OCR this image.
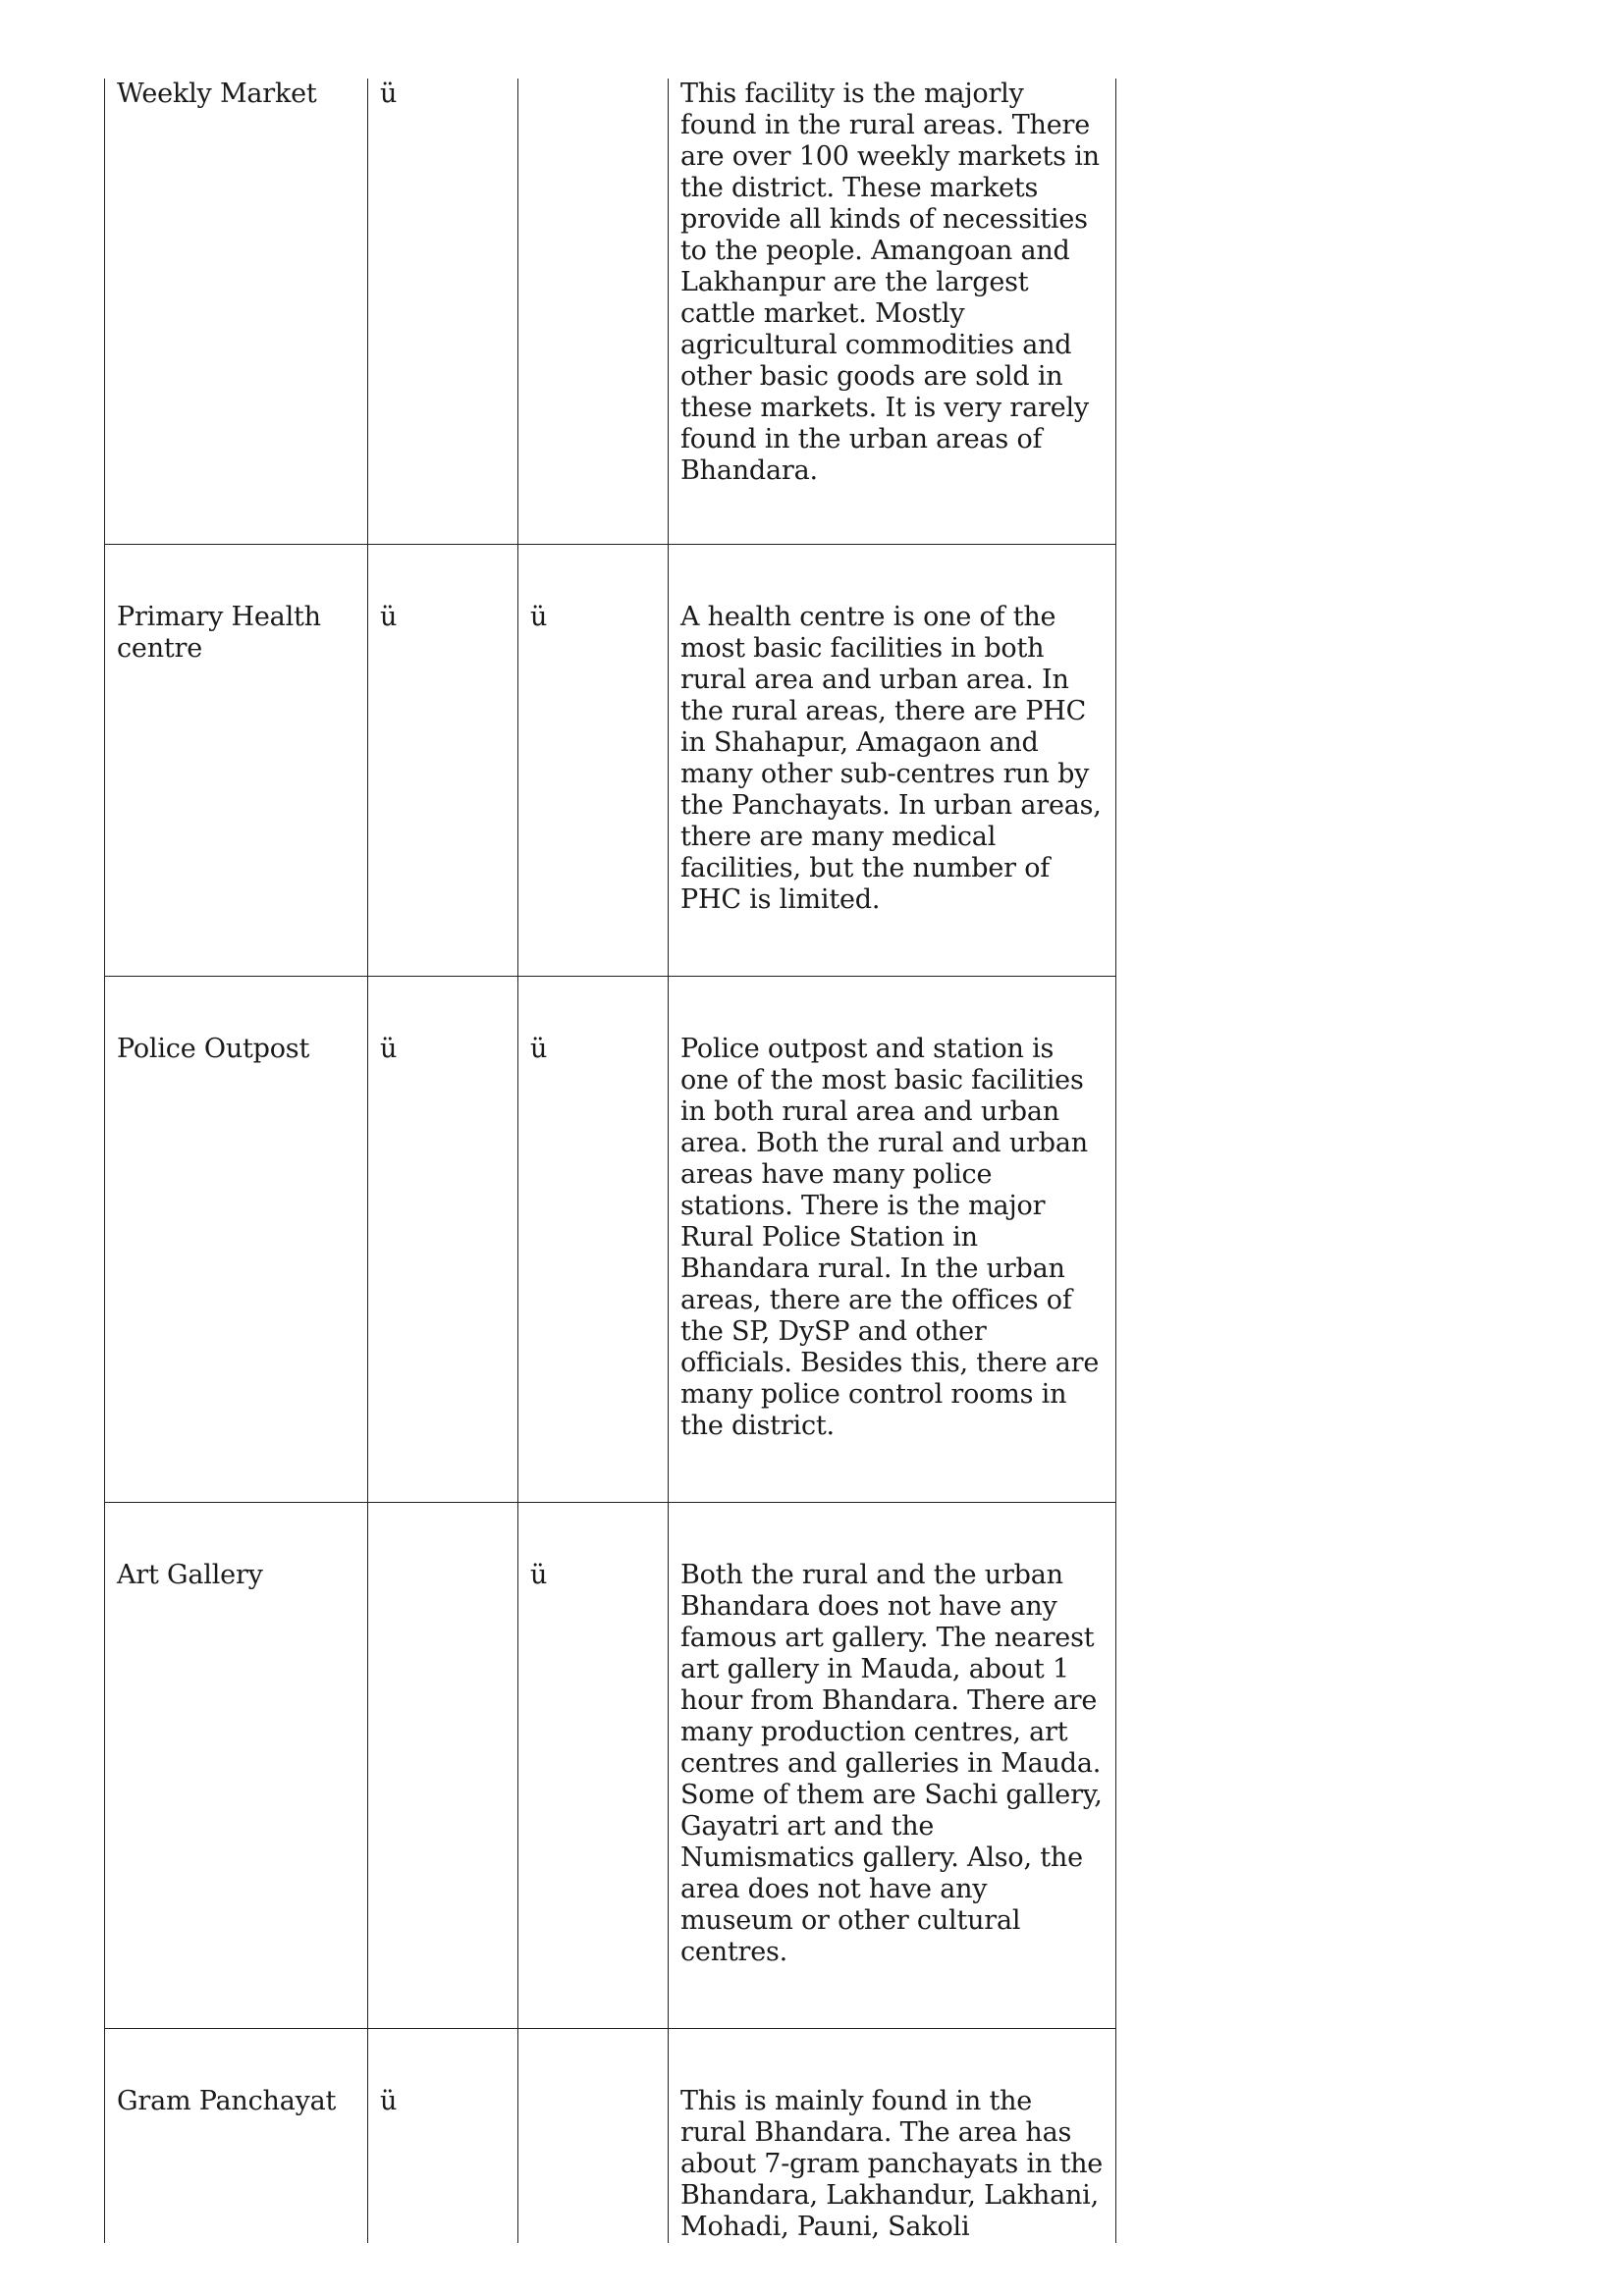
Weekly Market	ü		This facility is the majorly found in the rural areas. There are over 100 weekly markets in the district. These markets provide all kinds of necessities to the people. Amangoan and Lakhanpur are the largest cattle market. Mostly agricultural commodities and other basic goods are sold in these markets. It is very rarely found in the urban areas of Bhandara.

Primary Health centre	ü	ü	A health centre is one of the most basic facilities in both rural area and urban area. In the rural areas, there are PHC in Shahapur, Amagaon and many other sub-centres run by the Panchayats. In urban areas, there are many medical facilities, but the number of PHC is limited.

Police Outpost	ü	ü	Police outpost and station is one of the most basic facilities in both rural area and urban area. Both the rural and urban areas have many police stations. There is the major Rural Police Station in Bhandara rural. In the urban areas, there are the offices of the SP, DySP and other officials. Besides this, there are many police control rooms in the district.

Art Gallery		ü	Both the rural and the urban Bhandara does not have any famous art gallery. The nearest art gallery in Mauda, about 1 hour from Bhandara. There are many production centres, art centres and galleries in Mauda. Some of them are Sachi gallery, Gayatri art and the Numismatics gallery. Also, the area does not have any museum or other cultural centres.

Gram Panchayat	ü		This is mainly found in the rural Bhandara. The area has about 7-gram panchayats in the Bhandara, Lakhandur, Lakhani, Mohadi, Pauni, Sakoli
